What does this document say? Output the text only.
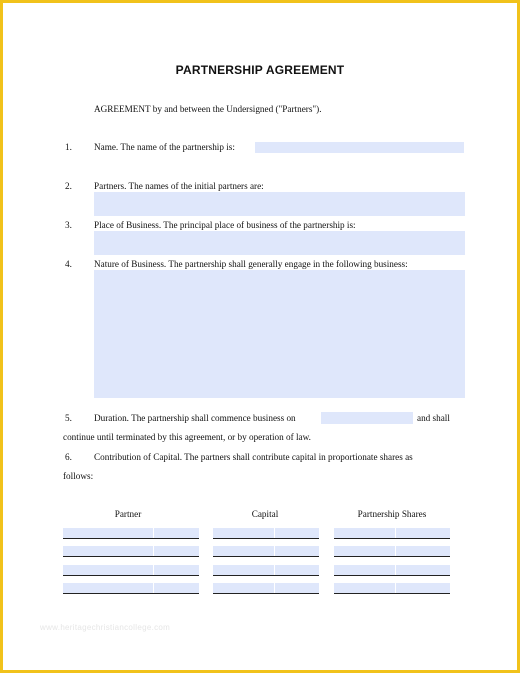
PARTNERSHIP AGREEMENT
AGREEMENT by and between the Undersigned ("Partners").
1.	Name. The name of the partnership is:
2.	Partners. The names of the initial partners are:
3.	Place of Business. The principal place of business of the partnership is:
4.	Nature of Business. The partnership shall generally engage in the following business:
5.	Duration. The partnership shall commence business on	and shall
continue until terminated by this agreement, or by operation of law.
6.	Contribution of Capital. The partners shall contribute capital in proportionate shares as
follows:
Partner	Capital	Partnership Shares
www.heritagechristiancollege.com
